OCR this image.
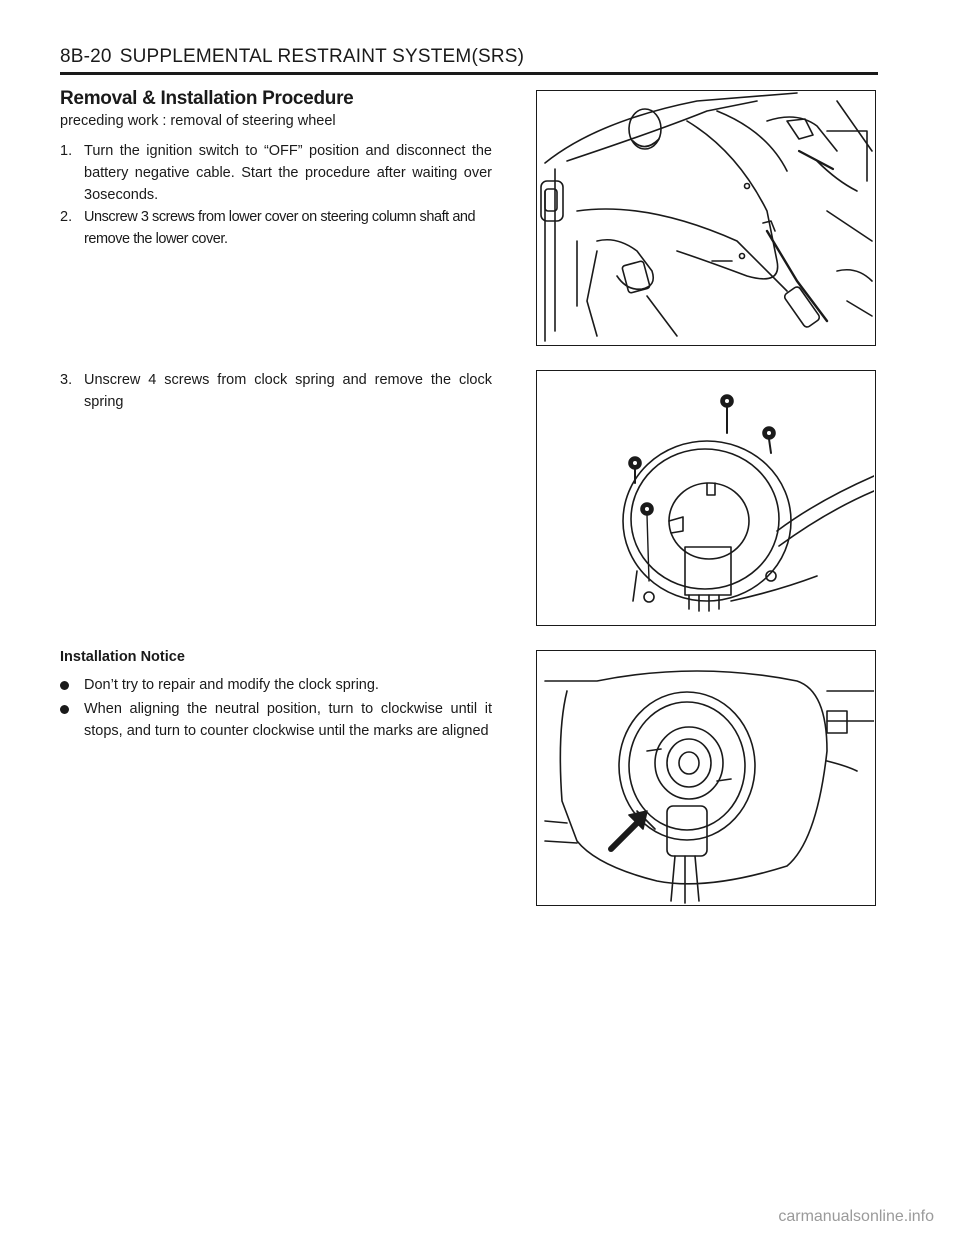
8B-20 SUPPLEMENTAL RESTRAINT SYSTEM(SRS)
Removal & Installation Procedure
preceding work : removal of steering wheel
1. Turn the ignition switch to “OFF” position and disconnect the battery negative cable. Start the procedure after waiting over 3oseconds.
2. Unscrew 3 screws from lower cover on steering column shaft and remove the lower cover.
3. Unscrew 4 screws from clock spring and remove the clock spring
Installation Notice
Don’t try to repair and modify the clock spring.
When aligning the neutral position, turn to clockwise until it stops, and turn to counter clockwise until the marks are aligned
carmanualsonline.info
